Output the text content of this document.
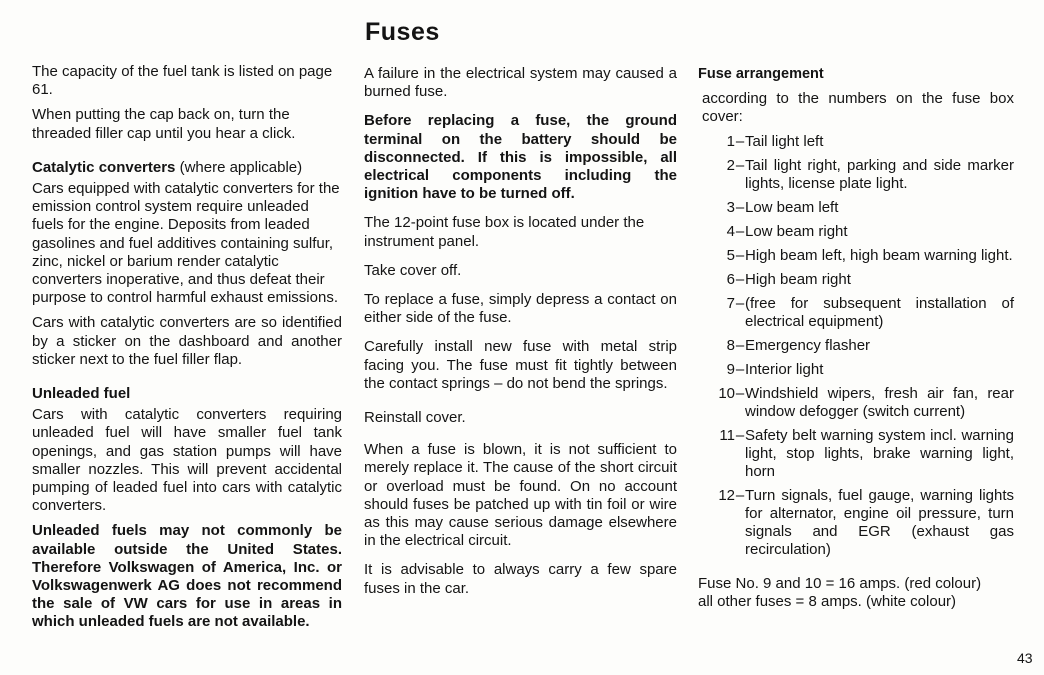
Fuses

The capacity of the fuel tank is listed on page 61.

When putting the cap back on, turn the threaded filler cap until you hear a click.

Catalytic converters (where applicable)

Cars equipped with catalytic converters for the emission control system require unleaded fuels for the engine. Deposits from leaded gasolines and fuel additives containing sulfur, zinc, nickel or barium render catalytic converters inoperative, and thus defeat their purpose to control harmful exhaust emissions.

Cars with catalytic converters are so identified by a sticker on the dashboard and another sticker next to the fuel filler flap.

Unleaded fuel

Cars with catalytic converters requiring unleaded fuel will have smaller fuel tank openings, and gas station pumps will have smaller nozzles. This will prevent accidental pumping of leaded fuel into cars with catalytic converters.

Unleaded fuels may not commonly be available outside the United States. Therefore Volkswagen of America, Inc. or Volkswagenwerk AG does not recommend the sale of VW cars for use in areas in which unleaded fuels are not available.

A failure in the electrical system may caused a burned fuse.

Before replacing a fuse, the ground terminal on the battery should be disconnected. If this is impossible, all electrical components including the ignition have to be turned off.

The 12-point fuse box is located under the instrument panel.

Take cover off.

To replace a fuse, simply depress a contact on either side of the fuse.

Carefully install new fuse with metal strip facing you. The fuse must fit tightly between the contact springs – do not bend the springs.

Reinstall cover.

When a fuse is blown, it is not sufficient to merely replace it. The cause of the short circuit or overload must be found. On no account should fuses be patched up with tin foil or wire as this may cause serious damage elsewhere in the electrical circuit.

It is advisable to always carry a few spare fuses in the car.

Fuse arrangement

according to the numbers on the fuse box cover:

1 – Tail light left
2 – Tail light right, parking and side marker lights, license plate light.
3 – Low beam left
4 – Low beam right
5 – High beam left, high beam warning light.
6 – High beam right
7 – (free for subsequent installation of electrical equipment)
8 – Emergency flasher
9 – Interior light
10 – Windshield wipers, fresh air fan, rear window defogger (switch current)
11 – Safety belt warning system incl. warning light, stop lights, brake warning light, horn
12 – Turn signals, fuel gauge, warning lights for alternator, engine oil pressure, turn signals and EGR (exhaust gas recirculation)

Fuse No. 9 and 10 = 16 amps. (red colour)

all other fuses = 8 amps. (white colour)

43
